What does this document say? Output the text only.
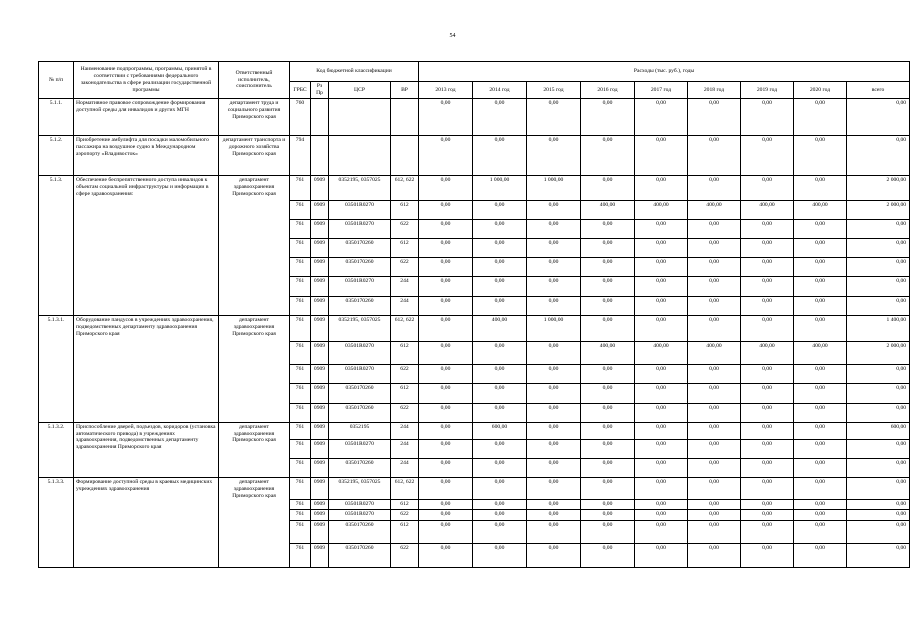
54
№ п/п	Наименование подпрограммы, программы, принятой в соответствии с требованиями федерального законодательства в сфере реализации государственной программы	Ответственный исполнитель, соисполнитель	Код бюджетной классификации				Расходы (тыс. руб.), годы								
			ГРБС	Рз Пр	ЦСР	ВР	2013 год	2014 год	2015 год	2016 год	2017 год	2018 год	2019 год	2020 год	всего
5.1.1.	Нормативное правовое сопровождение формирования доступной среды для инвалидов и других МГН	департамент труда и социального развития Приморского края	760				0,00	0,00	0,00	0,00	0,00	0,00	0,00	0,00	0,00
5.1.2.	Приобретение амбулифта для посадки маломобильного пассажира на воздушное судно в Международном аэропорту «Владивосток»	департамент транспорта и дорожного хозяйства Приморского края	794				0,00	0,00	0,00	0,00	0,00	0,00	0,00	0,00	0,00
5.1.3.	Обеспечение беспрепятственного доступа инвалидов к объектам социальной инфраструктуры и информации в сфере здравоохранения:	департамент здравоохранения Приморского края	761	0909	0352195, 0357025	612, 622	0,00	1 000,00	1 000,00	0,00	0,00	0,00	0,00	0,00	2 000,00
			761	0909	03501R0270	612	0,00	0,00	0,00	400,00	400,00	400,00	400,00	400,00	2 000,00
			761	0909	03501R0270	622	0,00	0,00	0,00	0,00	0,00	0,00	0,00	0,00	0,00
			761	0909	0350170260	612	0,00	0,00	0,00	0,00	0,00	0,00	0,00	0,00	0,00
			761	0909	0350170260	622	0,00	0,00	0,00	0,00	0,00	0,00	0,00	0,00	0,00
			761	0909	03501R0270	244	0,00	0,00	0,00	0,00	0,00	0,00	0,00	0,00	0,00
			761	0909	0350170260	244	0,00	0,00	0,00	0,00	0,00	0,00	0,00	0,00	0,00
5.1.3.1.	Оборудование пандусов в учреждениях здравоохранения, подведомственных департаменту здравоохранения Приморского края	департамент здравоохранения Приморского края	761	0909	0352195, 0357025	612, 622	0,00	400,00	1 000,00	0,00	0,00	0,00	0,00	0,00	1 400,00
			761	0909	03501R0270	612	0,00	0,00	0,00	400,00	400,00	400,00	400,00	400,00	2 000,00
			761	0909	03501R0270	622	0,00	0,00	0,00	0,00	0,00	0,00	0,00	0,00	0,00
			761	0909	0350170260	612	0,00	0,00	0,00	0,00	0,00	0,00	0,00	0,00	0,00
			761	0909	0350170260	622	0,00	0,00	0,00	0,00	0,00	0,00	0,00	0,00	0,00
5.1.3.2.	Приспособление дверей, подъездов, коридоров (установка автоматического привода) в учреждениях здравоохранения, подведомственных департаменту здравоохранения Приморского края	департамент здравоохранения Приморского края	761	0909	0352195	244	0,00	600,00	0,00	0,00	0,00	0,00	0,00	0,00	600,00
			761	0909	03501R0270	244	0,00	0,00	0,00	0,00	0,00	0,00	0,00	0,00	0,00
			761	0909	0350170260	244	0,00	0,00	0,00	0,00	0,00	0,00	0,00	0,00	0,00
5.1.3.3.	Формирование доступной среды в краевых медицинских учреждениях здравоохранения	департамент здравоохранения Приморского края	761	0909	0352195, 0357025	612, 622	0,00	0,00	0,00	0,00	0,00	0,00	0,00	0,00	0,00
			761	0909	03501R0270	612	0,00	0,00	0,00	0,00	0,00	0,00	0,00	0,00	0,00
			761	0909	03501R0270	622	0,00	0,00	0,00	0,00	0,00	0,00	0,00	0,00	0,00
			761	0909	0350170260	612	0,00	0,00	0,00	0,00	0,00	0,00	0,00	0,00	0,00
			761	0909	0350170260	622	0,00	0,00	0,00	0,00	0,00	0,00	0,00	0,00	0,00
